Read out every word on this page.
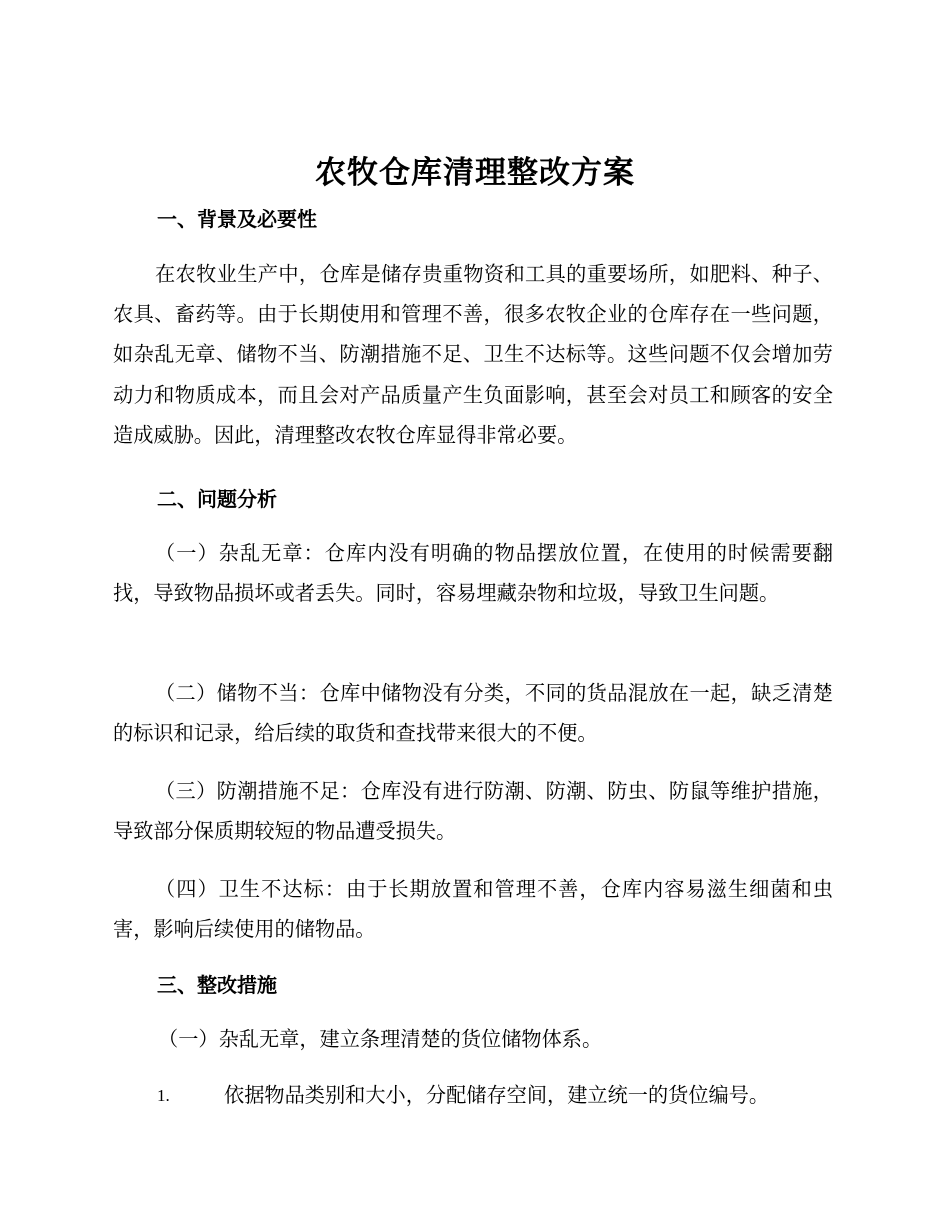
农牧仓库清理整改方案
一、背景及必要性

在农牧业生产中，仓库是储存贵重物资和工具的重要场所，如肥料、种子、农具、畜药等。由于长期使用和管理不善，很多农牧企业的仓库存在一些问题，如杂乱无章、储物不当、防潮措施不足、卫生不达标等。这些问题不仅会增加劳动力和物质成本，而且会对产品质量产生负面影响，甚至会对员工和顾客的安全造成威胁。因此，清理整改农牧仓库显得非常必要。

二、问题分析

（一）杂乱无章：仓库内没有明确的物品摆放位置，在使用的时候需要翻找，导致物品损坏或者丢失。同时，容易埋藏杂物和垃圾，导致卫生问题。

（二）储物不当：仓库中储物没有分类，不同的货品混放在一起，缺乏清楚的标识和记录，给后续的取货和查找带来很大的不便。

（三）防潮措施不足：仓库没有进行防潮、防潮、防虫、防鼠等维护措施，导致部分保质期较短的物品遭受损失。

（四）卫生不达标：由于长期放置和管理不善，仓库内容易滋生细菌和虫害，影响后续使用的储物品。

三、整改措施
（一）杂乱无章，建立条理清楚的货位储物体系。
1.	依据物品类别和大小，分配储存空间，建立统一的货位编号。
